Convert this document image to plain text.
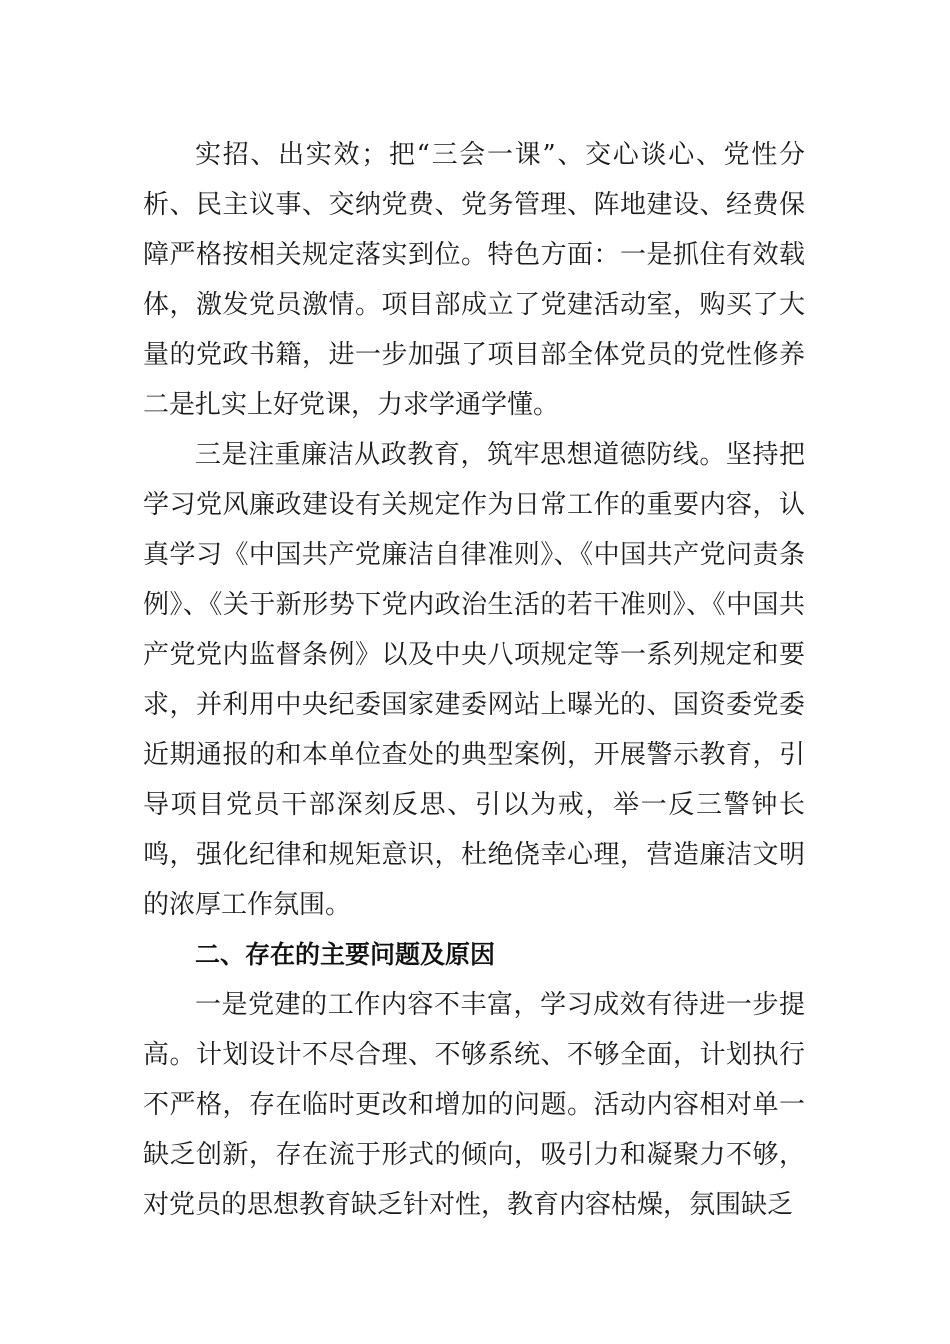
实招、出实效；把“三会一课”、交心谈心、党性分析、民主议事、交纳党费、党务管理、阵地建设、经费保障严格按相关规定落实到位。特色方面：一是抓住有效载体，激发党员激情。项目部成立了党建活动室，购买了大量的党政书籍，进一步加强了项目部全体党员的党性修养二是扎实上好党课，力求学通学懂。

三是注重廉洁从政教育，筑牢思想道德防线。坚持把学习党风廉政建设有关规定作为日常工作的重要内容，认真学习《中国共产党廉洁自律准则》、《中国共产党问责条例》、《关于新形势下党内政治生活的若干准则》、《中国共产党党内监督条例》以及中央八项规定等一系列规定和要求，并利用中央纪委国家建委网站上曝光的、国资委党委近期通报的和本单位查处的典型案例，开展警示教育，引导项目党员干部深刻反思、引以为戒，举一反三警钟长鸣，强化纪律和规矩意识，杜绝侥幸心理，营造廉洁文明的浓厚工作氛围。

二、存在的主要问题及原因

一是党建的工作内容不丰富，学习成效有待进一步提高。计划设计不尽合理、不够系统、不够全面，计划执行不严格，存在临时更改和增加的问题。活动内容相对单一缺乏创新，存在流于形式的倾向，吸引力和凝聚力不够，对党员的思想教育缺乏针对性，教育内容枯燥，氛围缺乏
